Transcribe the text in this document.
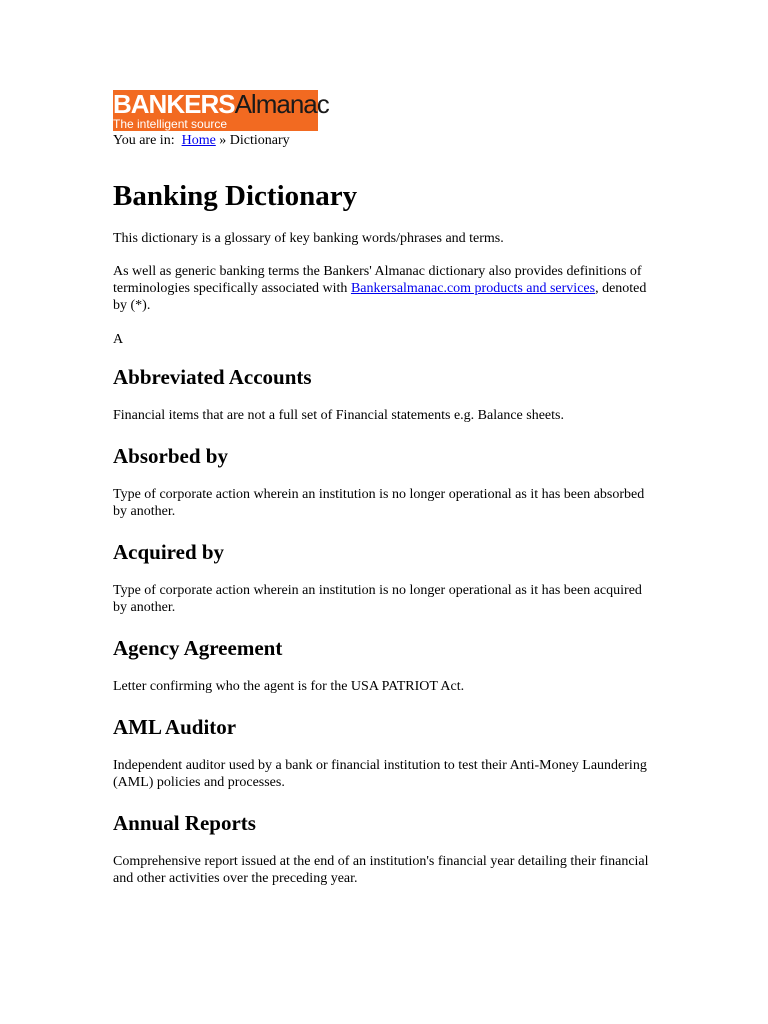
BANKERSAlmanac
The intelligent source
You are in: Home » Dictionary
Banking Dictionary

This dictionary is a glossary of key banking words/phrases and terms.

As well as generic banking terms the Bankers' Almanac dictionary also provides definitions of terminologies specifically associated with Bankersalmanac.com products and services, denoted by (*).

A

Abbreviated Accounts

Financial items that are not a full set of Financial statements e.g. Balance sheets.

Absorbed by

Type of corporate action wherein an institution is no longer operational as it has been absorbed by another.

Acquired by

Type of corporate action wherein an institution is no longer operational as it has been acquired by another.

Agency Agreement

Letter confirming who the agent is for the USA PATRIOT Act.

AML Auditor

Independent auditor used by a bank or financial institution to test their Anti-Money Laundering (AML) policies and processes.

Annual Reports

Comprehensive report issued at the end of an institution's financial year detailing their financial and other activities over the preceding year.
